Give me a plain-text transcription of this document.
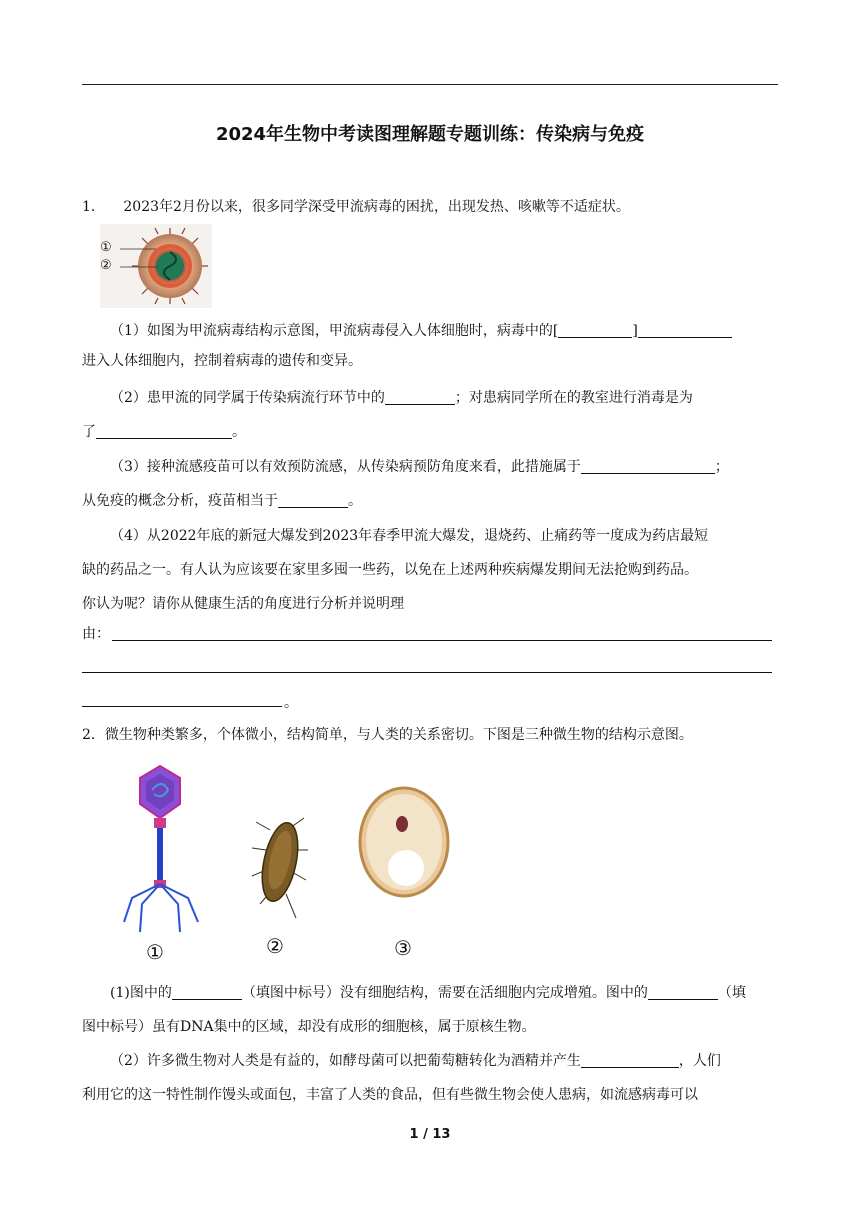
2024年生物中考读图理解题专题训练：传染病与免疫
1． 2023年2月份以来，很多同学深受甲流病毒的困扰，出现发热、咳嗽等不适症状。
①
②
（1）如图为甲流病毒结构示意图，甲流病毒侵入人体细胞时，病毒中的[	]
进入人体细胞内，控制着病毒的遗传和变异。
（2）患甲流的同学属于传染病流行环节中的	；对患病同学所在的教室进行消毒是为
了	。
（3）接种流感疫苗可以有效预防流感，从传染病预防角度来看，此措施属于	；
从免疫的概念分析，疫苗相当于	。
（4）从2022年底的新冠大爆发到2023年春季甲流大爆发，退烧药、止痛药等一度成为药店最短
缺的药品之一。有人认为应该要在家里多囤一些药，以免在上述两种疾病爆发期间无法抢购到药品。
你认为呢？请你从健康生活的角度进行分析并说明理
由：
。
2．微生物种类繁多，个体微小，结构简单，与人类的关系密切。下图是三种微生物的结构示意图。
①	②	③
(1)图中的	（填图中标号）没有细胞结构，需要在活细胞内完成增殖。图中的	（填
图中标号）虽有DNA集中的区域，却没有成形的细胞核，属于原核生物。
（2）许多微生物对人类是有益的，如酵母菌可以把葡萄糖转化为酒精并产生	，人们
利用它的这一特性制作馒头或面包，丰富了人类的食品，但有些微生物会使人患病，如流感病毒可以
1 / 13
